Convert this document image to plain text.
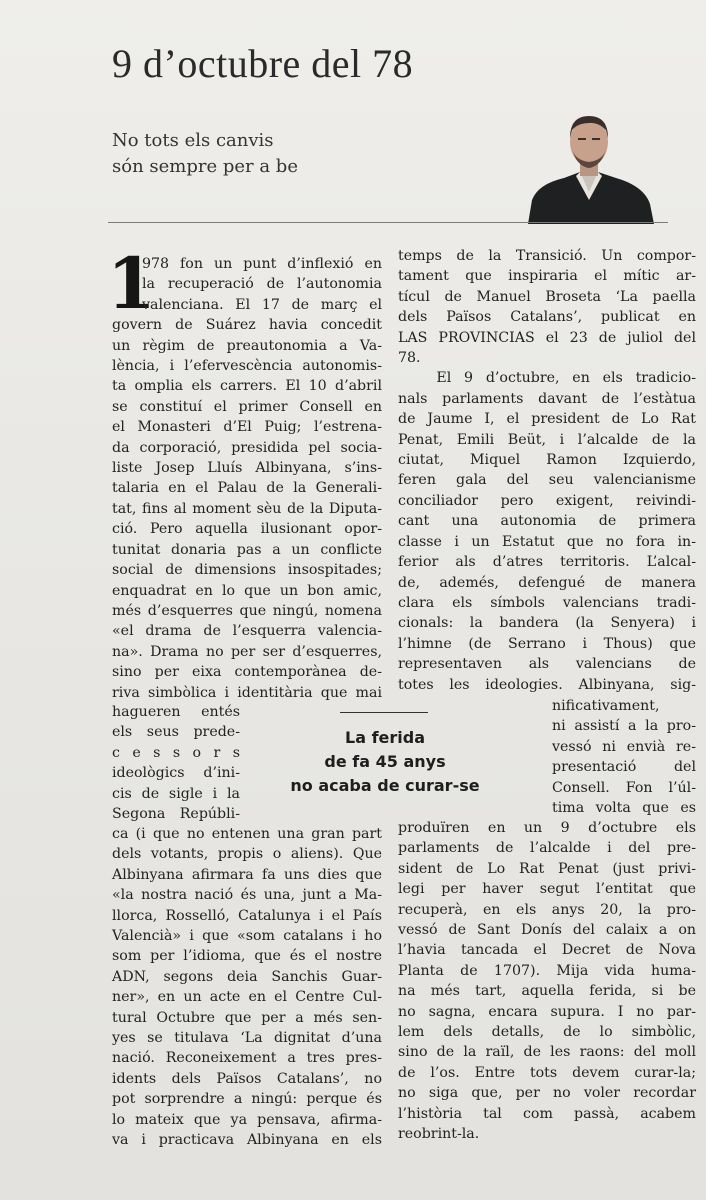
9 d’octubre del 78
No tots els canvis
són sempre per a be
1
978 fon un punt d’inflexió en
la recuperació de l’autonomia
valenciana. El 17 de març el
govern de Suárez havia concedit
un règim de preautonomia a Va-
lència, i l’efervescència autonomis-
ta omplia els carrers. El 10 d’abril
se constituí el primer Consell en
el Monasteri d’El Puig; l’estrena-
da corporació, presidida pel socia-
liste Josep Lluís Albinyana, s’ins-
talaria en el Palau de la Generali-
tat, fins al moment sèu de la Diputa-
ció. Pero aquella ilusionant opor-
tunitat donaria pas a un conflicte
social de dimensions insospitades;
enquadrat en lo que un bon amic,
més d’esquerres que ningú, nomena
«el drama de l’esquerra valencia-
na». Drama no per ser d’esquerres,
sino per eixa contemporànea de-
riva simbòlica i identitària que mai
hagueren entés
els seus prede-
c e s s o r s
ideològics d’ini-
cis de sigle i la
Segona Repúbli-
ca (i que no entenen una gran part
dels votants, propis o aliens). Que
Albinyana afirmara fa uns dies que
«la nostra nació és una, junt a Ma-
llorca, Rosselló, Catalunya i el País
Valencià» i que «som catalans i ho
som per l’idioma, que és el nostre
ADN, segons deia Sanchis Guar-
ner», en un acte en el Centre Cul-
tural Octubre que per a més sen-
yes se titulava ‘La dignitat d’una
nació. Reconeixement a tres pres-
idents dels Països Catalans’, no
pot sorprendre a ningú: perque és
lo mateix que ya pensava, afirma-
va i practicava Albinyana en els
La ferida
de fa 45 anys
no acaba de curar-se
temps de la Transició. Un compor-
tament que inspiraria el mític ar-
tícul de Manuel Broseta ‘La paella
dels Països Catalans’, publicat en
LAS PROVINCIAS el 23 de juliol del
78.
El 9 d’octubre, en els tradicio-
nals parlaments davant de l’estàtua
de Jaume I, el president de Lo Rat
Penat, Emili Beüt, i l’alcalde de la
ciutat, Miquel Ramon Izquierdo,
feren gala del seu valencianisme
conciliador pero exigent, reivindi-
cant una autonomia de primera
classe i un Estatut que no fora in-
ferior als d’atres territoris. L’alcal-
de, ademés, defengué de manera
clara els símbols valencians tradi-
cionals: la bandera (la Senyera) i
l’himne (de Serrano i Thous) que
representaven als valencians de
totes les ideologies. Albinyana, sig-
nificativament,
ni assistí a la pro-
vessó ni envià re-
presentació del
Consell. Fon l’úl-
tima volta que es
produïren en un 9 d’octubre els
parlaments de l’alcalde i del pre-
sident de Lo Rat Penat (just privi-
legi per haver segut l’entitat que
recuperà, en els anys 20, la pro-
vessó de Sant Donís del calaix a on
l’havia tancada el Decret de Nova
Planta de 1707). Mija vida huma-
na més tart, aquella ferida, si be
no sagna, encara supura. I no par-
lem dels detalls, de lo simbòlic,
sino de la raïl, de les raons: del moll
de l’os. Entre tots devem curar-la;
no siga que, per no voler recordar
l’història tal com passà, acabem
reobrint-la.
